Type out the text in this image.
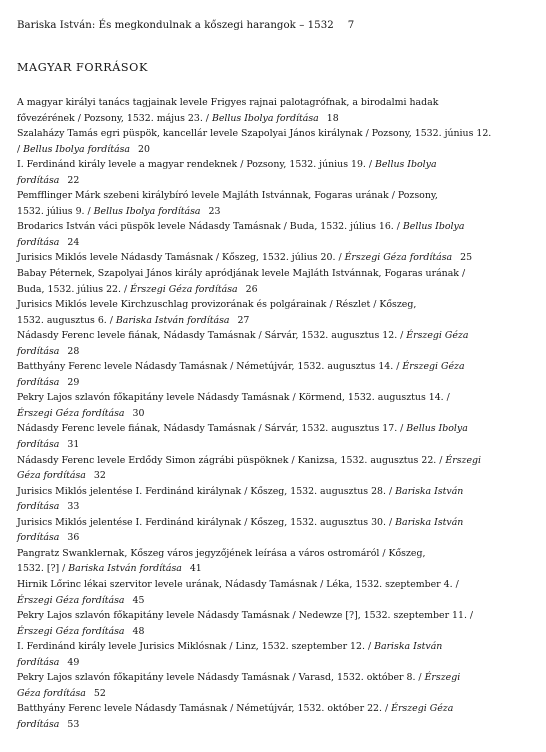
Bariska István: És megkondulnak a kőszegi harangok – 1532 7
MAGYAR FORRÁSOK
A magyar királyi tanács tagjainak levele Frigyes rajnai palotagrófnak, a birodalmi hadak
fővezérének / Pozsony, 1532. május 23. / Bellus Ibolya fordítása 18
Szalaházy Tamás egri püspök, kancellár levele Szapolyai János királynak / Pozsony, 1532. június 12.
/ Bellus Ibolya fordítása 20
I. Ferdinánd király levele a magyar rendeknek / Pozsony, 1532. június 19. / Bellus Ibolya
fordítása 22
Pemfflinger Márk szebeni királybíró levele Majláth Istvánnak, Fogaras urának / Pozsony,
1532. július 9. / Bellus Ibolya fordítása 23
Brodarics István váci püspök levele Nádasdy Tamásnak / Buda, 1532. július 16. / Bellus Ibolya
fordítása 24
Jurisics Miklós levele Nádasdy Tamásnak / Kőszeg, 1532. július 20. / Érszegi Géza fordítása 25
Babay Péternek, Szapolyai János király apródjának levele Majláth Istvánnak, Fogaras urának /
Buda, 1532. július 22. / Érszegi Géza fordítása 26
Jurisics Miklós levele Kirchzuschlag provizorának és polgárainak / Részlet / Kőszeg,
1532. augusztus 6. / Bariska István fordítása 27
Nádasdy Ferenc levele fiának, Nádasdy Tamásnak / Sárvár, 1532. augusztus 12. / Érszegi Géza
fordítása 28
Batthyány Ferenc levele Nádasdy Tamásnak / Németújvár, 1532. augusztus 14. / Érszegi Géza
fordítása 29
Pekry Lajos szlavón főkapitány levele Nádasdy Tamásnak / Körmend, 1532. augusztus 14. /
Érszegi Géza fordítása 30
Nádasdy Ferenc levele fiának, Nádasdy Tamásnak / Sárvár, 1532. augusztus 17. / Bellus Ibolya
fordítása 31
Nádasdy Ferenc levele Erdődy Simon zágrábi püspöknek / Kanizsa, 1532. augusztus 22. / Érszegi
Géza fordítása 32
Jurisics Miklós jelentése I. Ferdinánd királynak / Kőszeg, 1532. augusztus 28. / Bariska István
fordítása 33
Jurisics Miklós jelentése I. Ferdinánd királynak / Kőszeg, 1532. augusztus 30. / Bariska István
fordítása 36
Pangratz Swanklernak, Kőszeg város jegyzőjének leírása a város ostromáról / Kőszeg,
1532. [?] / Bariska István fordítása 41
Hirnik Lőrinc lékai szervitor levele urának, Nádasdy Tamásnak / Léka, 1532. szeptember 4. /
Érszegi Géza fordítása 45
Pekry Lajos szlavón főkapitány levele Nádasdy Tamásnak / Nedewze [?], 1532. szeptember 11. /
Érszegi Géza fordítása 48
I. Ferdinánd király levele Jurisics Miklósnak / Linz, 1532. szeptember 12. / Bariska István
fordítása 49
Pekry Lajos szlavón főkapitány levele Nádasdy Tamásnak / Varasd, 1532. október 8. / Érszegi
Géza fordítása 52
Batthyány Ferenc levele Nádasdy Tamásnak / Németújvár, 1532. október 22. / Érszegi Géza
fordítása 53
